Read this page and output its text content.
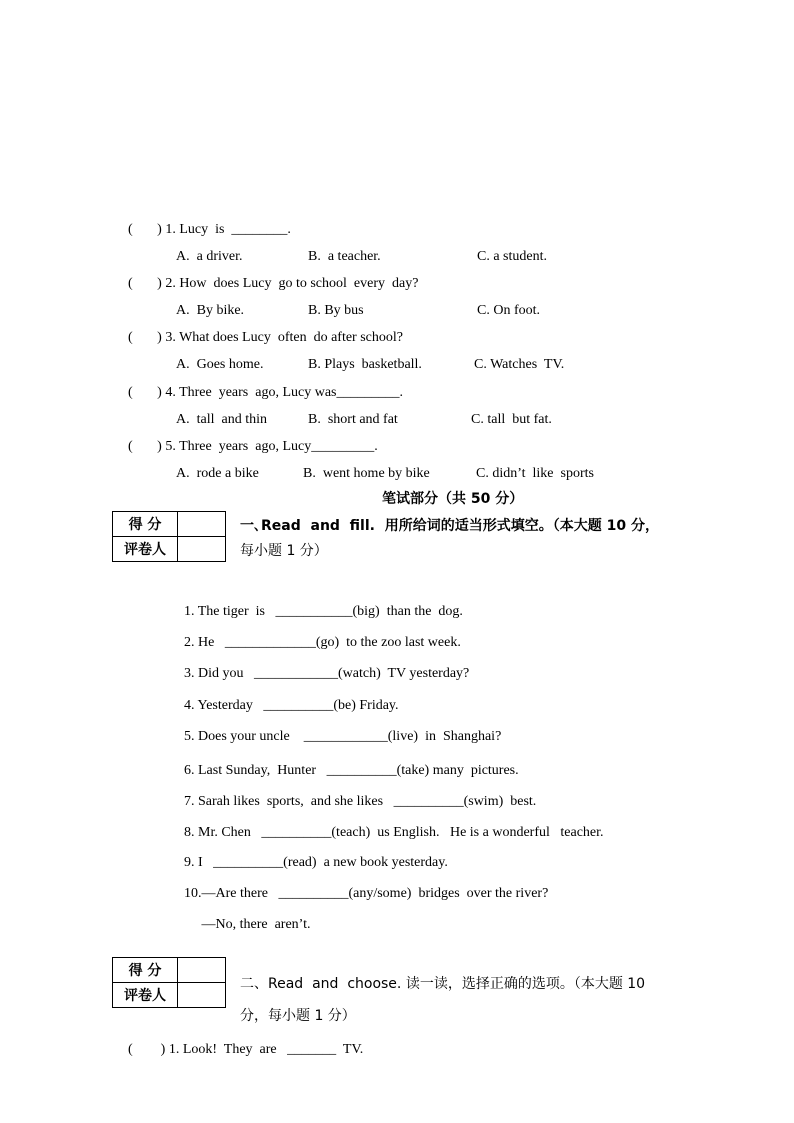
(       ) 1. Lucy  is  ________.
A.  a driver.	B.  a teacher.	C. a student.
(       ) 2. How  does Lucy  go to school  every  day?
A.  By bike.	B. By bus	C. On foot.
(       ) 3. What does Lucy  often  do after school?
A.  Goes home.	B. Plays  basketball.	C. Watches  TV.
(       ) 4. Three  years  ago, Lucy was_________.
A.  tall  and thin	B.  short and fat	C. tall  but fat.
(       ) 5. Three  years  ago, Lucy_________.
A.  rode a bike	B.  went home by bike	C. didn’t  like  sports
笔试部分（共 50 分）
得 分	
评卷人	
一､Read  and  fill.  用所给词的适当形式填空。（本大题 10 分，
每小题 1 分）
1. The tiger  is   ___________(big)  than the  dog.
2. He   _____________(go)  to the zoo last week.
3. Did you   ____________(watch)  TV yesterday?
4. Yesterday   __________(be) Friday.
5. Does your uncle    ____________(live)  in  Shanghai?
6. Last Sunday,  Hunter   __________(take) many  pictures.
7. Sarah likes  sports,  and she likes   __________(swim)  best.
8. Mr. Chen   __________(teach)  us English.   He is a wonderful   teacher.
9. I   __________(read)  a new book yesterday.
10.—Are there   __________(any/some)  bridges  over the river?
—No, there  aren’t.
得 分	
评卷人	
二、Read  and  choose. 读一读，选择正确的选项。（本大题 10
分，每小题 1 分）
(        ) 1. Look!  They  are   _______  TV.
